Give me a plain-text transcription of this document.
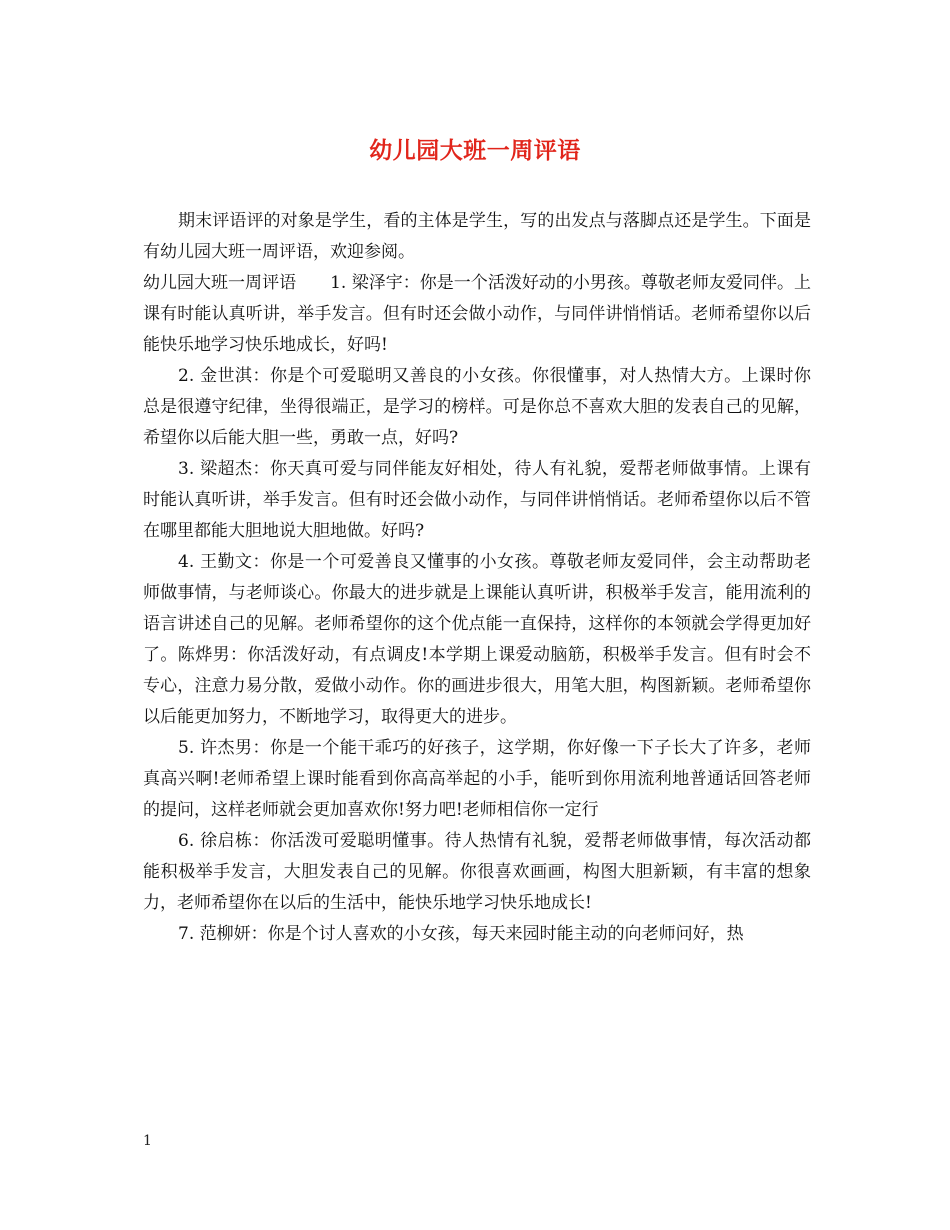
幼儿园大班一周评语

期末评语评的对象是学生，看的主体是学生，写的出发点与落脚点还是学生。下面是有幼儿园大班一周评语，欢迎参阅。

幼儿园大班一周评语　　1. 梁泽宇：你是一个活泼好动的小男孩。尊敬老师友爱同伴。上课有时能认真听讲，举手发言。但有时还会做小动作，与同伴讲悄悄话。老师希望你以后能快乐地学习快乐地成长，好吗!

2. 金世淇：你是个可爱聪明又善良的小女孩。你很懂事，对人热情大方。上课时你总是很遵守纪律，坐得很端正，是学习的榜样。可是你总不喜欢大胆的发表自己的见解，希望你以后能大胆一些，勇敢一点，好吗?

3. 梁超杰：你天真可爱与同伴能友好相处，待人有礼貌，爱帮老师做事情。上课有时能认真听讲，举手发言。但有时还会做小动作，与同伴讲悄悄话。老师希望你以后不管在哪里都能大胆地说大胆地做。好吗?

4. 王勤文：你是一个可爱善良又懂事的小女孩。尊敬老师友爱同伴，会主动帮助老师做事情，与老师谈心。你最大的进步就是上课能认真听讲，积极举手发言，能用流利的语言讲述自己的见解。老师希望你的这个优点能一直保持，这样你的本领就会学得更加好了。陈烨男：你活泼好动，有点调皮!本学期上课爱动脑筋，积极举手发言。但有时会不专心，注意力易分散，爱做小动作。你的画进步很大，用笔大胆，构图新颖。老师希望你以后能更加努力，不断地学习，取得更大的进步。

5. 许杰男：你是一个能干乖巧的好孩子，这学期，你好像一下子长大了许多，老师真高兴啊!老师希望上课时能看到你高高举起的小手，能听到你用流利地普通话回答老师的提问，这样老师就会更加喜欢你!努力吧!老师相信你一定行

6. 徐启栋：你活泼可爱聪明懂事。待人热情有礼貌，爱帮老师做事情，每次活动都能积极举手发言，大胆发表自己的见解。你很喜欢画画，构图大胆新颖，有丰富的想象力，老师希望你在以后的生活中，能快乐地学习快乐地成长!

7. 范柳妍：你是个讨人喜欢的小女孩，每天来园时能主动的向老师问好，热

1
